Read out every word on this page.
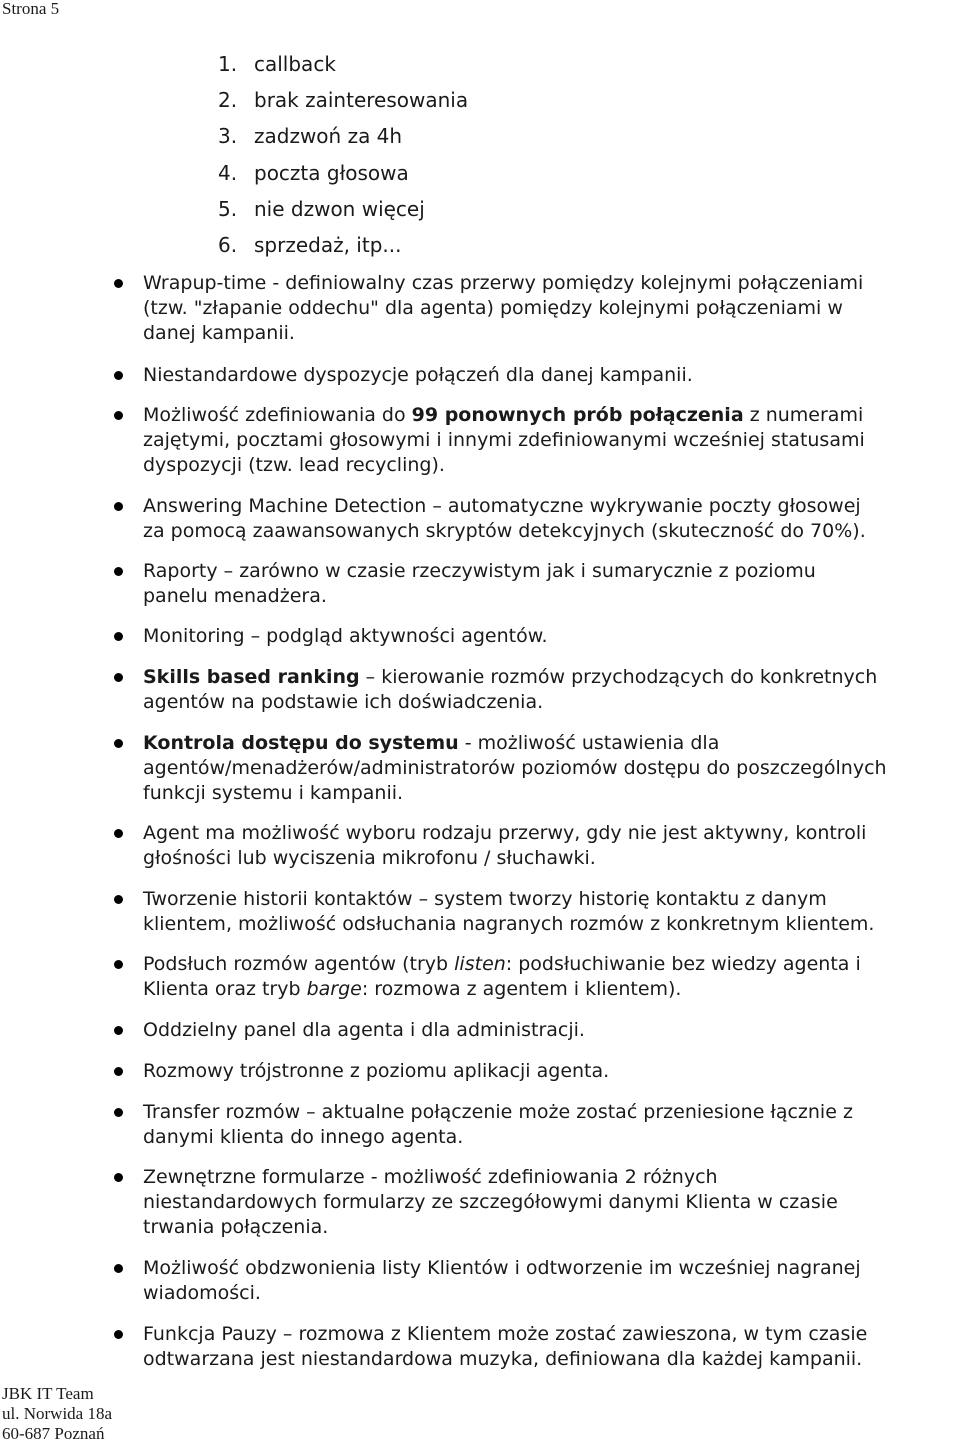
Strona 5
1. callback
2. brak zainteresowania
3. zadzwoń za 4h
4. poczta głosowa
5. nie dzwon więcej
6. sprzedaż, itp...
Wrapup-time - definiowalny czas przerwy pomiędzy kolejnymi połączeniami
(tzw. "złapanie oddechu" dla agenta) pomiędzy kolejnymi połączeniami w
danej kampanii.
Niestandardowe dyspozycje połączeń dla danej kampanii.
Możliwość zdefiniowania do 99 ponownych prób połączenia z numerami
zajętymi, pocztami głosowymi i innymi zdefiniowanymi wcześniej statusami
dyspozycji (tzw. lead recycling).
Answering Machine Detection – automatyczne wykrywanie poczty głosowej
za pomocą zaawansowanych skryptów detekcyjnych (skuteczność do 70%).
Raporty – zarówno w czasie rzeczywistym jak i sumarycznie z poziomu
panelu menadżera.
Monitoring – podgląd aktywności agentów.
Skills based ranking – kierowanie rozmów przychodzących do konkretnych
agentów na podstawie ich doświadczenia.
Kontrola dostępu do systemu - możliwość ustawienia dla
agentów/menadżerów/administratorów poziomów dostępu do poszczególnych
funkcji systemu i kampanii.
Agent ma możliwość wyboru rodzaju przerwy, gdy nie jest aktywny, kontroli
głośności lub wyciszenia mikrofonu / słuchawki.
Tworzenie historii kontaktów – system tworzy historię kontaktu z danym
klientem, możliwość odsłuchania nagranych rozmów z konkretnym klientem.
Podsłuch rozmów agentów (tryb listen: podsłuchiwanie bez wiedzy agenta i
Klienta oraz tryb barge: rozmowa z agentem i klientem).
Oddzielny panel dla agenta i dla administracji.
Rozmowy trójstronne z poziomu aplikacji agenta.
Transfer rozmów – aktualne połączenie może zostać przeniesione łącznie z
danymi klienta do innego agenta.
Zewnętrzne formularze - możliwość zdefiniowania 2 różnych
niestandardowych formularzy ze szczegółowymi danymi Klienta w czasie
trwania połączenia.
Możliwość obdzwonienia listy Klientów i odtworzenie im wcześniej nagranej
wiadomości.
Funkcja Pauzy – rozmowa z Klientem może zostać zawieszona, w tym czasie
odtwarzana jest niestandardowa muzyka, definiowana dla każdej kampanii.
JBK IT Team
ul. Norwida 18a
60-687 Poznań
